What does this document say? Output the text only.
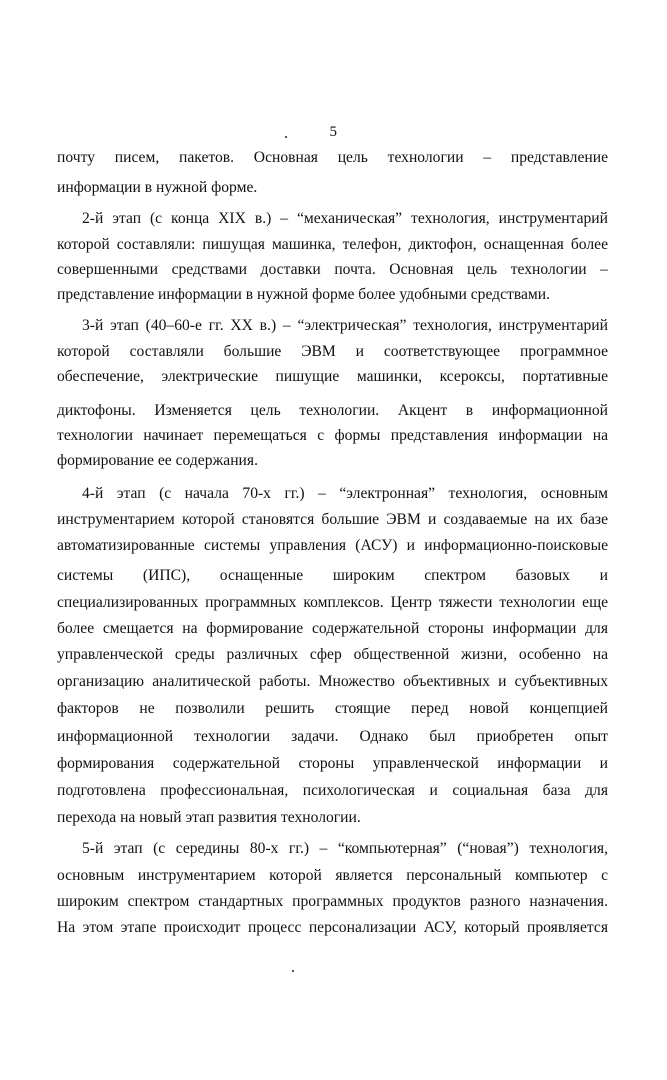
5
почту писем, пакетов. Основная цель технологии – представление
информации в нужной форме.
2-й этап (с конца XIX в.) – “механическая” технология, инструментарий
которой составляли: пишущая машинка, телефон, диктофон, оснащенная более
совершенными средствами доставки почта. Основная цель технологии –
представление информации в нужной форме более удобными средствами.
3-й этап (40–60-е гг. XX в.) – “электрическая” технология, инструментарий
которой составляли большие ЭВМ и соответствующее программное
обеспечение, электрические пишущие машинки, ксероксы, портативные
диктофоны. Изменяется цель технологии. Акцент в информационной
технологии начинает перемещаться с формы представления информации на
формирование ее содержания.
4-й этап (с начала 70-х гг.) – “электронная” технология, основным
инструментарием которой становятся большие ЭВМ и создаваемые на их базе
автоматизированные системы управления (АСУ) и информационно-поисковые
системы (ИПС), оснащенные широким спектром базовых и
специализированных программных комплексов. Центр тяжести технологии еще
более смещается на формирование содержательной стороны информации для
управленческой среды различных сфер общественной жизни, особенно на
организацию аналитической работы. Множество объективных и субъективных
факторов не позволили решить стоящие перед новой концепцией
информационной технологии задачи. Однако был приобретен опыт
формирования содержательной стороны управленческой информации и
подготовлена профессиональная, психологическая и социальная база для
перехода на новый этап развития технологии.
5-й этап (с середины 80-х гг.) – “компьютерная” (“новая”) технология,
основным инструментарием которой является персональный компьютер с
широким спектром стандартных программных продуктов разного назначения.
На этом этапе происходит процесс персонализации АСУ, который проявляется
